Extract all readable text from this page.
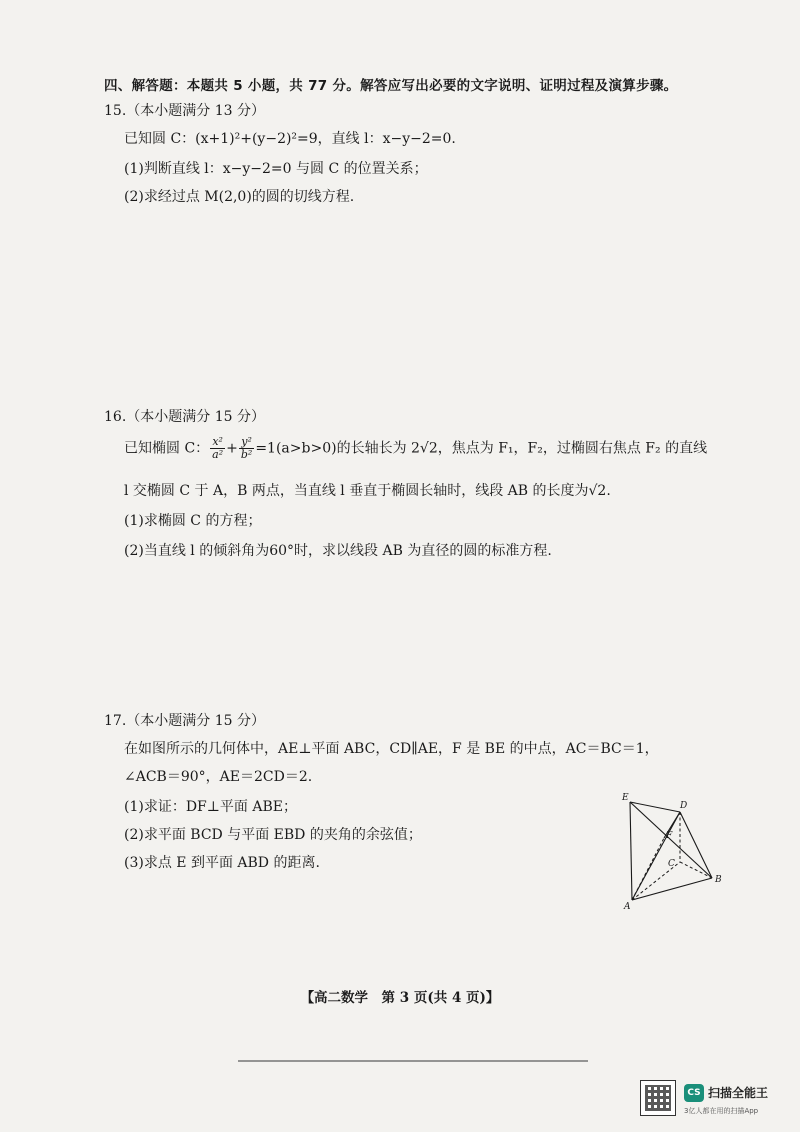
四、解答题：本题共 5 小题，共 77 分。解答应写出必要的文字说明、证明过程及演算步骤。
15.（本小题满分 13 分）
已知圆 C：(x+1)²+(y−2)²=9，直线 l：x−y−2=0.
(1)判断直线 l：x−y−2=0 与圆 C 的位置关系；
(2)求经过点 M(2,0)的圆的切线方程.
16.（本小题满分 15 分）
已知椭圆 C： $\frac{\text{x²}}{\text{a²}} + \frac{\text{y²}}{\text{b²}} =1(a>b>0)$的长轴长为 2√2，焦点为 F₁，F₂，过椭圆右焦点 F₂ 的直线
l 交椭圆 C 于 A，B 两点，当直线 l 垂直于椭圆长轴时，线段 AB 的长度为√2.
(1)求椭圆 C 的方程；
(2)当直线 l 的倾斜角为60°时，求以线段 AB 为直径的圆的标准方程.
17.（本小题满分 15 分）
在如图所示的几何体中，AE⊥平面 ABC，CD∥AE，F 是 BE 的中点，AC＝BC＝1，
∠ACB＝90°，AE＝2CD＝2.
(1)求证：DF⊥平面 ABE；
(2)求平面 BCD 与平面 EBD 的夹角的余弦值；
(3)求点 E 到平面 ABD 的距离.
E
D
F
C
B
A
【高二数学　第 3 页(共 4 页)】
CS 扫描全能王
3亿人都在用的扫描App
